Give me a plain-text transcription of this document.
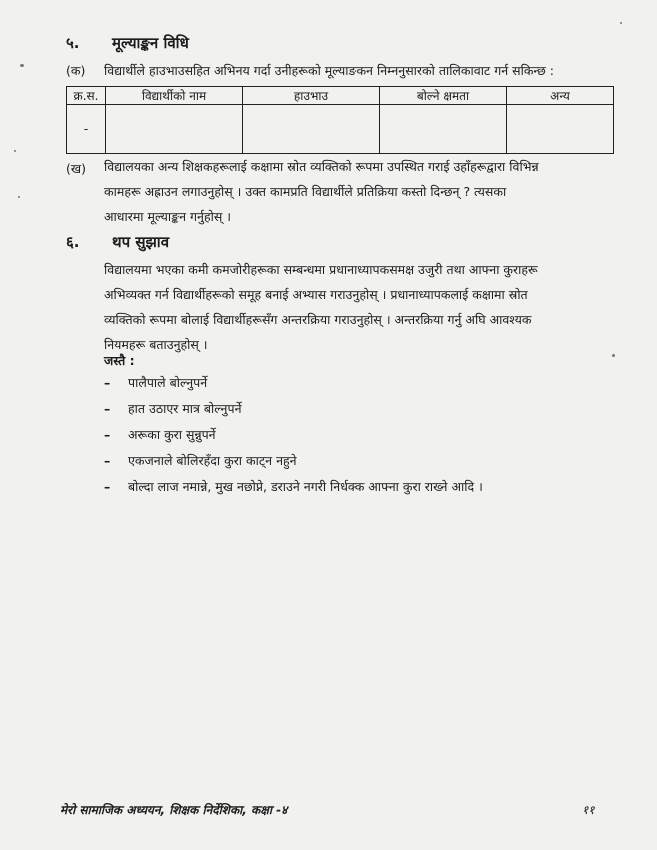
५. मूल्याङ्कन विधि
(क) विद्यार्थीले हाउभाउसहित अभिनय गर्दा उनीहरूको मूल्याङकन निम्ननुसारको तालिकावाट गर्न सकिन्छ :
क्र.स.	विद्यार्थीको नाम	हाउभाउ	बोल्ने क्षमता	अन्य
-				
(ख) विद्यालयका अन्य शिक्षकहरूलाई कक्षामा स्रोत व्यक्तिको रूपमा उपस्थित गराई उहाँहरूद्वारा विभिन्न
कामहरू अह्राउन लगाउनुहोस् । उक्त कामप्रति विद्यार्थीले प्रतिक्रिया कस्तो दिन्छन् ? त्यसका
आधारमा मूल्याङ्कन गर्नुहोस् ।
६. थप सुझाव
विद्यालयमा भएका कमी कमजोरीहरूका सम्बन्धमा प्रधानाध्यापकसमक्ष उजुरी तथा आफ्ना कुराहरू
अभिव्यक्त गर्न विद्यार्थीहरूको समूह बनाई अभ्यास गराउनुहोस् । प्रधानाध्यापकलाई कक्षामा स्रोत
व्यक्तिको रूपमा बोलाई विद्यार्थीहरूसँग अन्तरक्रिया गराउनुहोस् । अन्तरक्रिया गर्नु अघि आवश्यक
नियमहरू बताउनुहोस् ।
जस्तै :
– पालैपाले बोल्नुपर्ने
– हात उठाएर मात्र बोल्नुपर्ने
– अरूका कुरा सुन्नुपर्ने
– एकजनाले बोलिरहँदा कुरा काट्न नहुने
– बोल्दा लाज नमान्ने, मुख नछोप्ने, डराउने नगरी निर्धक्क आफ्ना कुरा राख्ने आदि ।
मेरो सामाजिक अध्ययन, शिक्षक निर्देशिका, कक्षा -४	११
